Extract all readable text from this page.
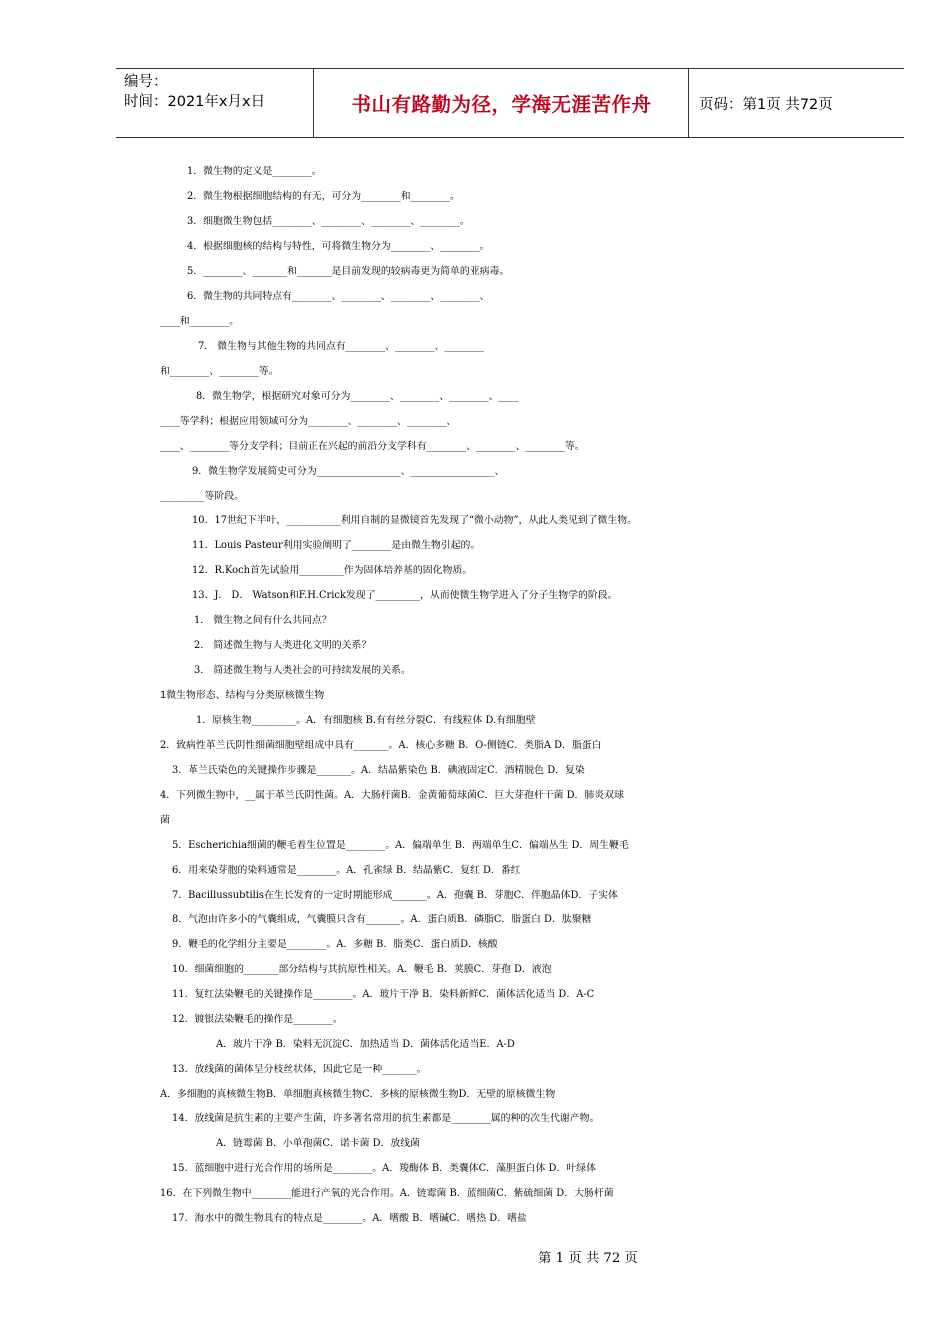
编号：
时间：2021年x月x日	书山有路勤为径，学海无涯苦作舟	页码：第1页 共72页
1．微生物的定义是________。
2．微生物根据细胞结构的有无，可分为________和________。
3．细胞微生物包括________、________、________、________。
4．根据细胞核的结构与特性，可将微生物分为________、________。
5．________、_______和_______是目前发现的较病毒更为简单的亚病毒。
6．微生物的共同特点有________、________、________、________、
____和________。
7． 微生物与其他生物的共同点有________、________、________
和________、________等。
8．微生物学，根据研究对象可分为________、________、________、____
____等学科；根据应用领域可分为________、________、________、
____、________等分支学科；目前正在兴起的前沿分支学科有________、________、________等。
9．微生物学发展简史可分为_________________、_________________、
_________等阶段。
10．17世纪下半叶，___________利用自制的显微镜首先发现了“微小动物”，从此人类见到了微生物。
11．Louis Pasteur利用实验阐明了________是由微生物引起的。
12．R.Koch首先试验用_________作为固体培养基的固化物质。
13．J． D． Watson和F.H.Crick发现了_________，从而使微生物学进入了分子生物学的阶段。
1． 微生物之间有什么共同点？
2． 简述微生物与人类进化文明的关系？
3． 简述微生物与人类社会的可持续发展的关系。
1微生物形态、结构与分类原核微生物
1．原核生物_________。A．有细胞核 B.有有丝分裂C．有线粒体 D.有细胞壁
2．致病性革兰氏阴性细菌细胞壁组成中具有_______。A．核心多糖 B．O-侧链C．类脂A D．脂蛋白
3．革兰氏染色的关键操作步骤是_______。A．结晶紫染色 B．碘液固定C．酒精脱色 D．复染
4．下列微生物中，__属于革兰氏阴性菌。A．大肠杆菌B．金黄葡萄球菌C．巨大芽孢杆干菌 D．肺炎双球
菌
5．Escherichia细菌的鞭毛着生位置是________。A．偏端单生 B．两端单生C．偏端丛生 D．周生鞭毛
6．用来染芽胞的染料通常是________。A．孔雀绿 B．结晶紫C．复红 D．番红
7．Bacillussubtilis在生长发育的一定时期能形成_______。A．孢囊 B．芽胞C．伴胞晶体D．子实体
8．气泡由许多小的气囊组成，气囊膜只含有_______。A．蛋白质B．磷脂C．脂蛋白 D．肽聚糖
9．鞭毛的化学组分主要是________。A．多糖 B．脂类C．蛋白质D．核酸
10．细菌细胞的_______部分结构与其抗原性相关。A．鞭毛 B．荚膜C．芽孢 D．液泡
11．复红法染鞭毛的关键操作是________。A．玻片干净 B．染料新鲜C．菌体活化适当 D．A-C
12．镀银法染鞭毛的操作是________。
A．玻片干净 B．染料无沉淀C．加热适当 D．菌体活化适当E．A-D
13．放线菌的菌体呈分枝丝状体，因此它是一种_______。
A．多细胞的真核微生物B．单细胞真核微生物C．多核的原核微生物D．无壁的原核微生物
14．放线菌是抗生素的主要产生菌，许多著名常用的抗生素都是________属的种的次生代谢产物。
A．链霉菌 B．小单孢菌C．诺卡菌 D．放线菌
15．蓝细胞中进行光合作用的场所是________。A．羧酶体 B．类囊体C．藻胆蛋白体 D．叶绿体
16．在下列微生物中________能进行产氧的光合作用。A．链霉菌 B．蓝细菌C．紫硫细菌 D．大肠杆菌
17．海水中的微生物具有的特点是________。A．嗜酸 B．嗜碱C．嗜热 D．嗜盐
第 1 页 共 72 页
